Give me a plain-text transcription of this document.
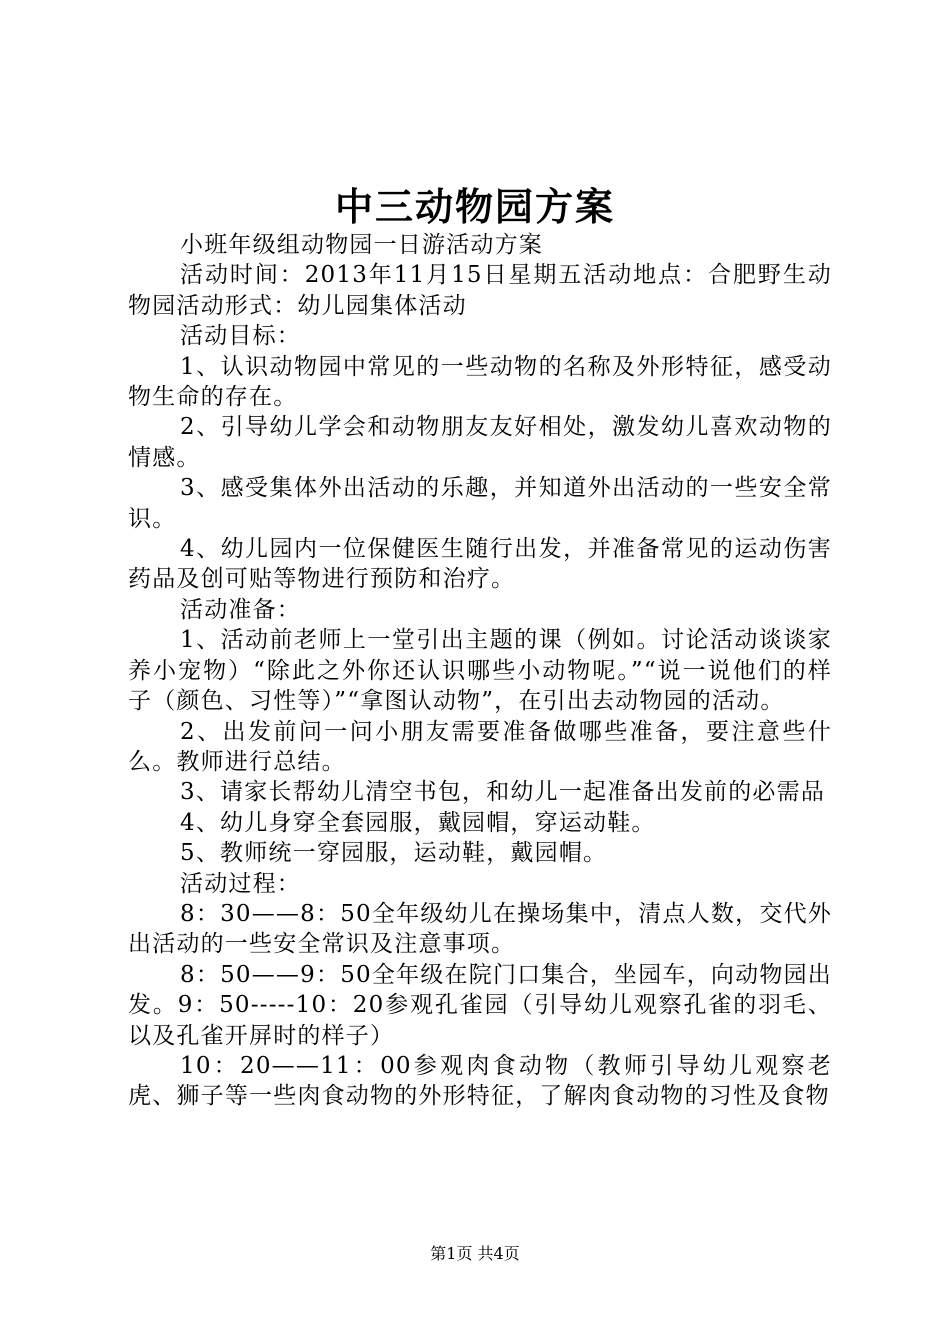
中三动物园方案

小班年级组动物园一日游活动方案

活动时间：2013年11月15日星期五活动地点：合肥野生动物园活动形式：幼儿园集体活动

活动目标：

1、认识动物园中常见的一些动物的名称及外形特征，感受动物生命的存在。

2、引导幼儿学会和动物朋友友好相处，激发幼儿喜欢动物的情感。

3、感受集体外出活动的乐趣，并知道外出活动的一些安全常识。

4、幼儿园内一位保健医生随行出发，并准备常见的运动伤害药品及创可贴等物进行预防和治疗。

活动准备：

1、活动前老师上一堂引出主题的课（例如。讨论活动谈谈家养小宠物）“除此之外你还认识哪些小动物呢。”“说一说他们的样子（颜色、习性等）”“拿图认动物”，在引出去动物园的活动。

2、出发前问一问小朋友需要准备做哪些准备，要注意些什么。教师进行总结。

3、请家长帮幼儿清空书包，和幼儿一起准备出发前的必需品

4、幼儿身穿全套园服，戴园帽，穿运动鞋。

5、教师统一穿园服，运动鞋，戴园帽。

活动过程：

8：30——8：50全年级幼儿在操场集中，清点人数，交代外出活动的一些安全常识及注意事项。

8：50——9：50全年级在院门口集合，坐园车，向动物园出发。9：50-----10：20参观孔雀园（引导幼儿观察孔雀的羽毛、以及孔雀开屏时的样子）

10：20——11：00参观肉食动物（教师引导幼儿观察老虎、狮子等一些肉食动物的外形特征，了解肉食动物的习性及食物

第1页 共4页
